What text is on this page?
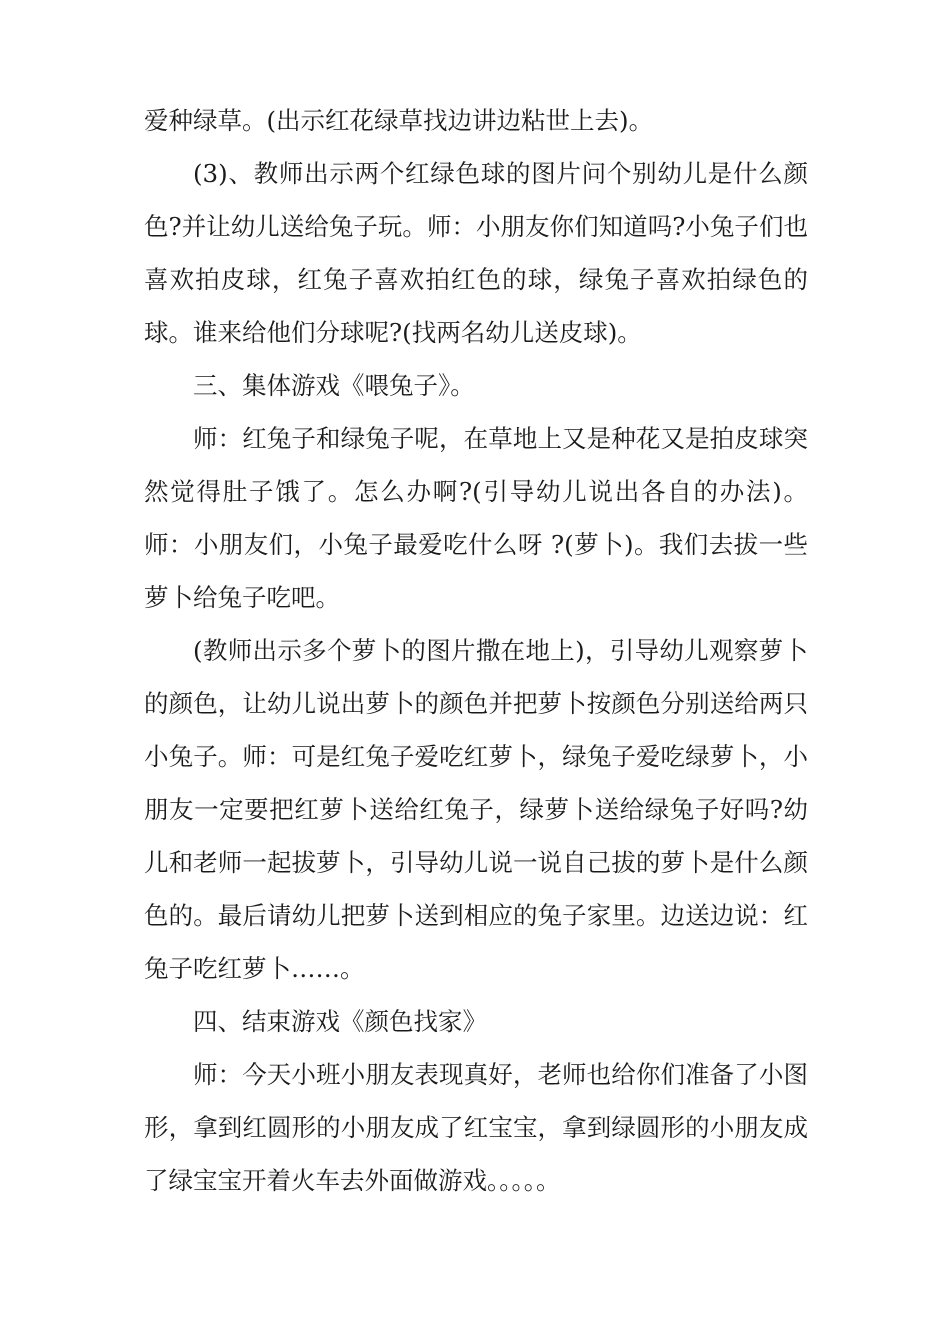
爱种绿草。(出示红花绿草找边讲边粘世上去)。

(3)、教师出示两个红绿色球的图片问个别幼儿是什么颜色?并让幼儿送给兔子玩。师：小朋友你们知道吗?小兔子们也喜欢拍皮球，红兔子喜欢拍红色的球，绿兔子喜欢拍绿色的球。谁来给他们分球呢?(找两名幼儿送皮球)。

三、集体游戏《喂兔子》。

师：红兔子和绿兔子呢，在草地上又是种花又是拍皮球突然觉得肚子饿了。怎么办啊?(引导幼儿说出各自的办法)。师：小朋友们，小兔子最爱吃什么呀 ?(萝卜)。我们去拔一些萝卜给兔子吃吧。

(教师出示多个萝卜的图片撒在地上)，引导幼儿观察萝卜的颜色，让幼儿说出萝卜的颜色并把萝卜按颜色分别送给两只小兔子。师：可是红兔子爱吃红萝卜，绿兔子爱吃绿萝卜，小朋友一定要把红萝卜送给红兔子，绿萝卜送给绿兔子好吗?幼儿和老师一起拔萝卜，引导幼儿说一说自己拔的萝卜是什么颜色的。最后请幼儿把萝卜送到相应的兔子家里。边送边说：红兔子吃红萝卜……。

四、结束游戏《颜色找家》

师：今天小班小朋友表现真好，老师也给你们准备了小图形，拿到红圆形的小朋友成了红宝宝，拿到绿圆形的小朋友成了绿宝宝开着火车去外面做游戏。。。。。
